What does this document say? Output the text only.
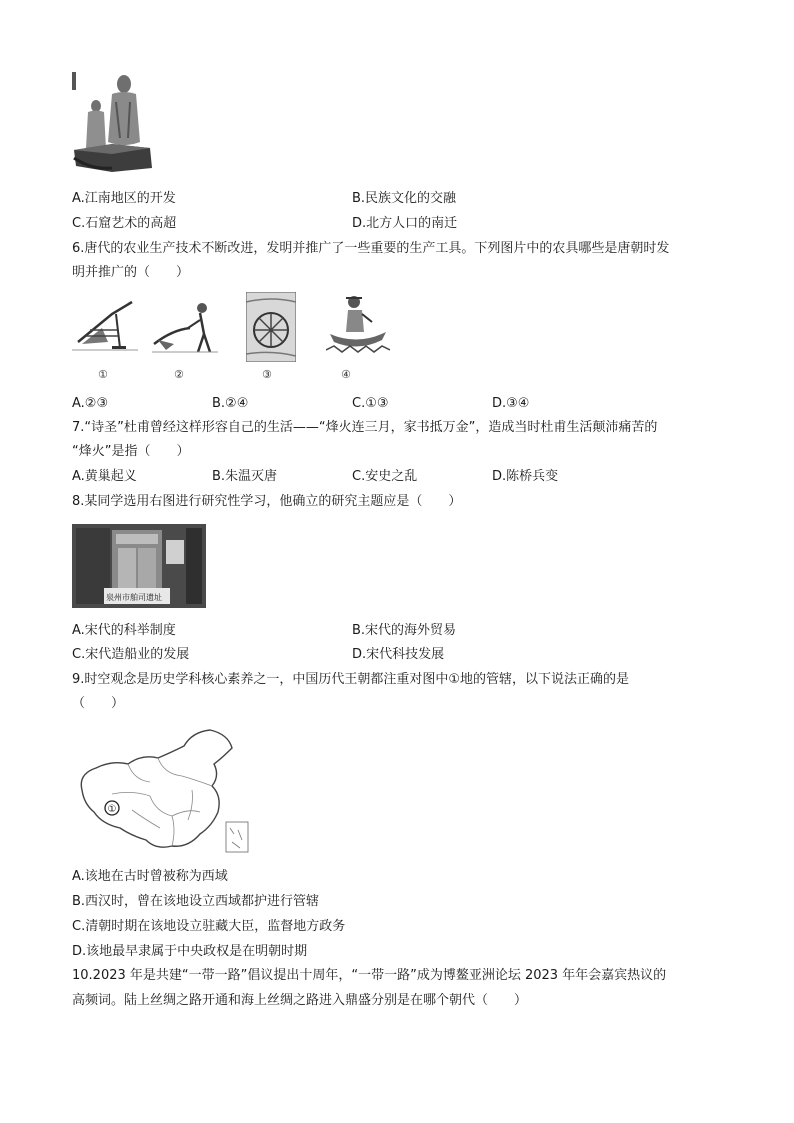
A.江南地区的开发	B.民族文化的交融
C.石窟艺术的高超	D.北方人口的南迁
6.唐代的农业生产技术不断改进，发明并推广了一些重要的生产工具。下列图片中的农具哪些是唐朝时发
明并推广的（　　）
①	②	③	④
A.②③	B.②④	C.①③	D.③④
7.“诗圣”杜甫曾经这样形容自己的生活——“烽火连三月，家书抵万金”，造成当时杜甫生活颠沛痛苦的
“烽火”是指（　　）
A.黄巢起义	B.朱温灭唐	C.安史之乱	D.陈桥兵变
8.某同学选用右图进行研究性学习，他确立的研究主题应是（　　）
泉州市舶司遗址
A.宋代的科举制度	B.宋代的海外贸易
C.宋代造船业的发展	D.宋代科技发展
9.时空观念是历史学科核心素养之一，中国历代王朝都注重对图中①地的管辖，以下说法正确的是
（　　）
①
A.该地在古时曾被称为西域
B.西汉时，曾在该地设立西域都护进行管辖
C.清朝时期在该地设立驻藏大臣，监督地方政务
D.该地最早隶属于中央政权是在明朝时期
10.2023 年是共建“一带一路”倡议提出十周年，“一带一路”成为博鳌亚洲论坛 2023 年年会嘉宾热议的
高频词。陆上丝绸之路开通和海上丝绸之路进入鼎盛分别是在哪个朝代（　　）
